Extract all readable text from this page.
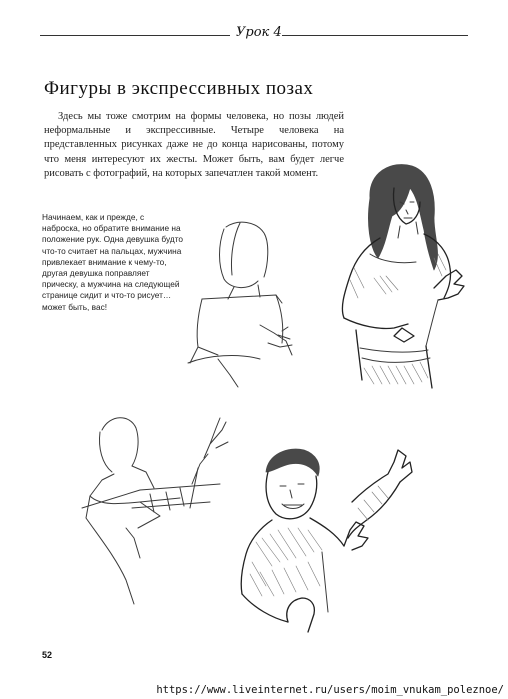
Урок 4
Фигуры в экспрессивных позах

Здесь мы тоже смотрим на формы человека, но позы людей неформальные и экспрессивные. Четыре человека на представленных рисунках даже не до конца нарисованы, потому что меня интересуют их жесты. Может быть, вам будет легче рисовать с фотографий, на которых запечатлен такой момент.

Начинаем, как и прежде, с наброска, но обратите внимание на положение рук. Одна девушка будто что-то считает на пальцах, мужчина привлекает внимание к чему-то, другая девушка поправляет прическу, а мужчина на следующей странице сидит и что-то рисует… может быть, вас!

52
https://www.liveinternet.ru/users/moim_vnukam_poleznoe/
